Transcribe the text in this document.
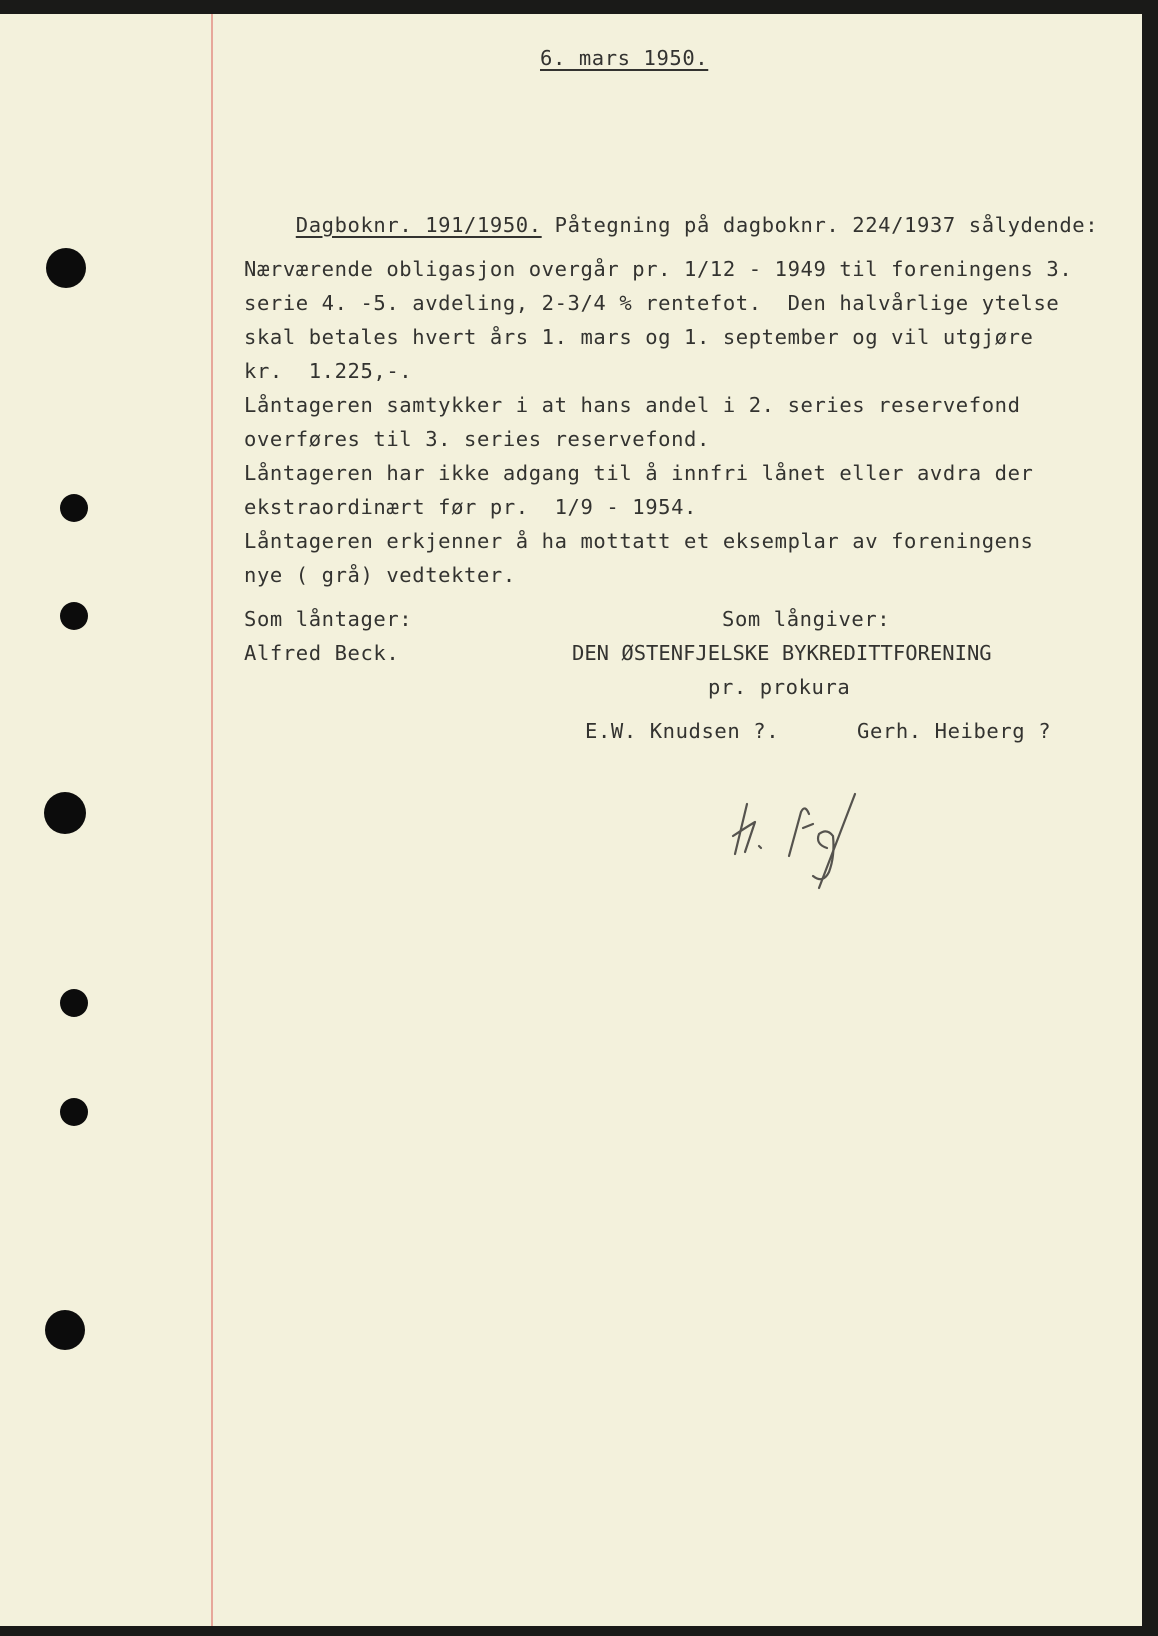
6. mars 1950.

Dagboknr. 191/1950. Påtegning på dagboknr. 224/1937 sålydende:

Nærværende obligasjon overgår pr. 1/12 - 1949 til foreningens 3.
serie 4. -5. avdeling, 2-3/4 % rentefot.  Den halvårlige ytelse
skal betales hvert års 1. mars og 1. september og vil utgjøre
kr.  1.225,-.
Låntageren samtykker i at hans andel i 2. series reservefond
overføres til 3. series reservefond.
Låntageren har ikke adgang til å innfri lånet eller avdra der
ekstraordinært før pr.  1/9 - 1954.
Låntageren erkjenner å ha mottatt et eksemplar av foreningens
nye ( grå) vedtekter.
Som låntager:
Alfred Beck.
Som långiver:
DEN ØSTENFJELSKE BYKREDITTFORENING
pr. prokura
E.W. Knudsen ?.	Gerh. Heiberg ?
